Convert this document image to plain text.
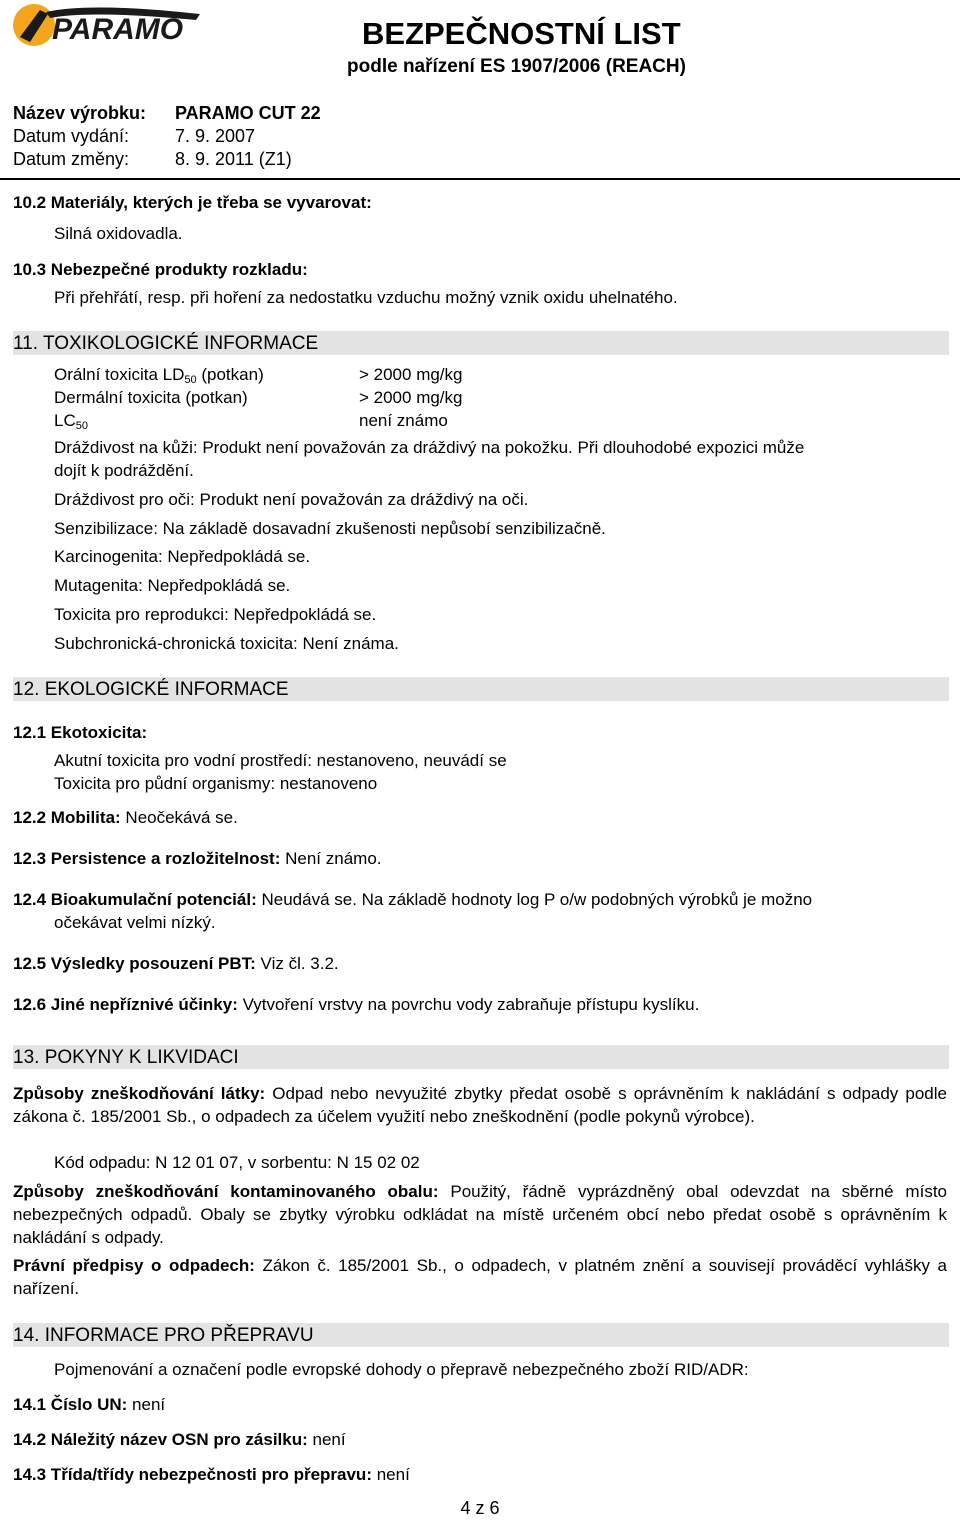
PARAMO	BEZPEČNOSTNÍ LIST
podle nařízení ES 1907/2006 (REACH)
Název výrobku: PARAMO CUT 22
Datum vydání:	7. 9. 2007
Datum změny:	8. 9. 2011 (Z1)
10.2 Materiály, kterých je třeba se vyvarovat:
Silná oxidovadla.
10.3 Nebezpečné produkty rozkladu:
Při přehřátí, resp. při hoření za nedostatku vzduchu možný vznik oxidu uhelnatého.
11. TOXIKOLOGICKÉ INFORMACE
Orální toxicita $LD_{50}$ (potkan)	> 2000 mg/kg
Dermální toxicita (potkan)	> 2000 mg/kg
$LC_{50}$	není známo
Dráždivost na kůži: Produkt není považován za dráždivý na pokožku. Při dlouhodobé expozici může
dojít k podráždění.
Dráždivost pro oči: Produkt není považován za dráždivý na oči.
Senzibilizace: Na základě dosavadní zkušenosti nepůsobí senzibilizačně.
Karcinogenita: Nepředpokládá se.
Mutagenita: Nepředpokládá se.
Toxicita pro reprodukci: Nepředpokládá se.
Subchronická-chronická toxicita: Není známa.
12. EKOLOGICKÉ INFORMACE
12.1 Ekotoxicita:
Akutní toxicita pro vodní prostředí: nestanoveno, neuvádí se
Toxicita pro půdní organismy: nestanoveno
12.2 Mobilita: Neočekává se.
12.3 Persistence a rozložitelnost: Není známo.
12.4 Bioakumulační potenciál: Neudává se. Na základě hodnoty log P o/w podobných výrobků je možno
očekávat velmi nízký.
12.5 Výsledky posouzení PBT: Viz čl. 3.2.
12.6 Jiné nepříznivé účinky: Vytvoření vrstvy na povrchu vody zabraňuje přístupu kyslíku.
13. POKYNY K LIKVIDACI
Způsoby zneškodňování látky: Odpad nebo nevyužité zbytky předat osobě s oprávněním k nakládání s odpady podle zákona č. 185/2001 Sb., o odpadech za účelem využití nebo zneškodnění (podle pokynů výrobce).
Kód odpadu: N 12 01 07, v sorbentu: N 15 02 02
Způsoby zneškodňování kontaminovaného obalu: Použitý, řádně vyprázdněný obal odevzdat na sběrné místo nebezpečných odpadů. Obaly se zbytky výrobku odkládat na místě určeném obcí nebo předat osobě s oprávněním k nakládání s odpady.
Právní předpisy o odpadech: Zákon č. 185/2001 Sb., o odpadech, v platném znění a souvisejí prováděcí vyhlášky a nařízení.
14. INFORMACE PRO PŘEPRAVU
Pojmenování a označení podle evropské dohody o přepravě nebezpečného zboží RID/ADR:
14.1 Číslo UN: není
14.2 Náležitý název OSN pro zásilku: není
14.3 Třída/třídy nebezpečnosti pro přepravu: není
4 z 6
